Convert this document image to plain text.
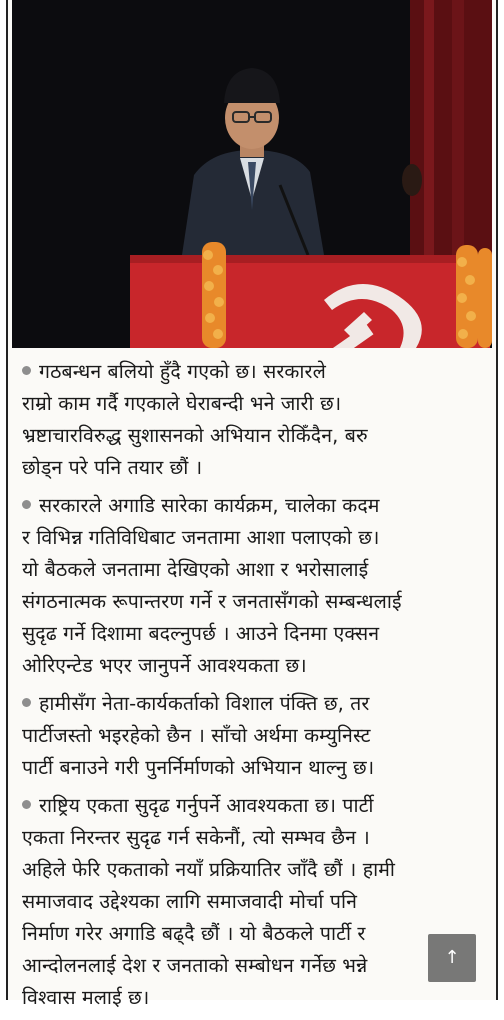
गठबन्धन बलियो हुँदै गएको छ। सरकारले
राम्रो काम गर्दै गएकाले घेराबन्दी भने जारी छ।
भ्रष्टाचारविरुद्ध सुशासनको अभियान रोकिँदैन, बरु
छोड्न परे पनि तयार छौं ।

सरकारले अगाडि सारेका कार्यक्रम, चालेका कदम
र विभिन्न गतिविधिबाट जनतामा आशा पलाएको छ।
यो बैठकले जनतामा देखिएको आशा र भरोसालाई
संगठनात्मक रूपान्तरण गर्ने र जनतासँगको सम्बन्धलाई
सुदृढ गर्ने दिशामा बदल्नुपर्छ । आउने दिनमा एक्सन
ओरिएन्टेड भएर जानुपर्ने आवश्यकता छ।

हामीसँग नेता-कार्यकर्ताको विशाल पंक्ति छ, तर
पार्टीजस्तो भइरहेको छैन । साँचो अर्थमा कम्युनिस्ट
पार्टी बनाउने गरी पुनर्निर्माणको अभियान थाल्नु छ।

राष्ट्रिय एकता सुदृढ गर्नुपर्ने आवश्यकता छ। पार्टी
एकता निरन्तर सुदृढ गर्न सकेनौं, त्यो सम्भव छैन ।
अहिले फेरि एकताको नयाँ प्रक्रियातिर जाँदै छौं । हामी
समाजवाद उद्देश्यका लागि समाजवादी मोर्चा पनि
निर्माण गरेर अगाडि बढ्दै छौं । यो बैठकले पार्टी र
आन्दोलनलाई देश र जनताको सम्बोधन गर्नेछ भन्ने
विश्वास मलाई छ।

↑
